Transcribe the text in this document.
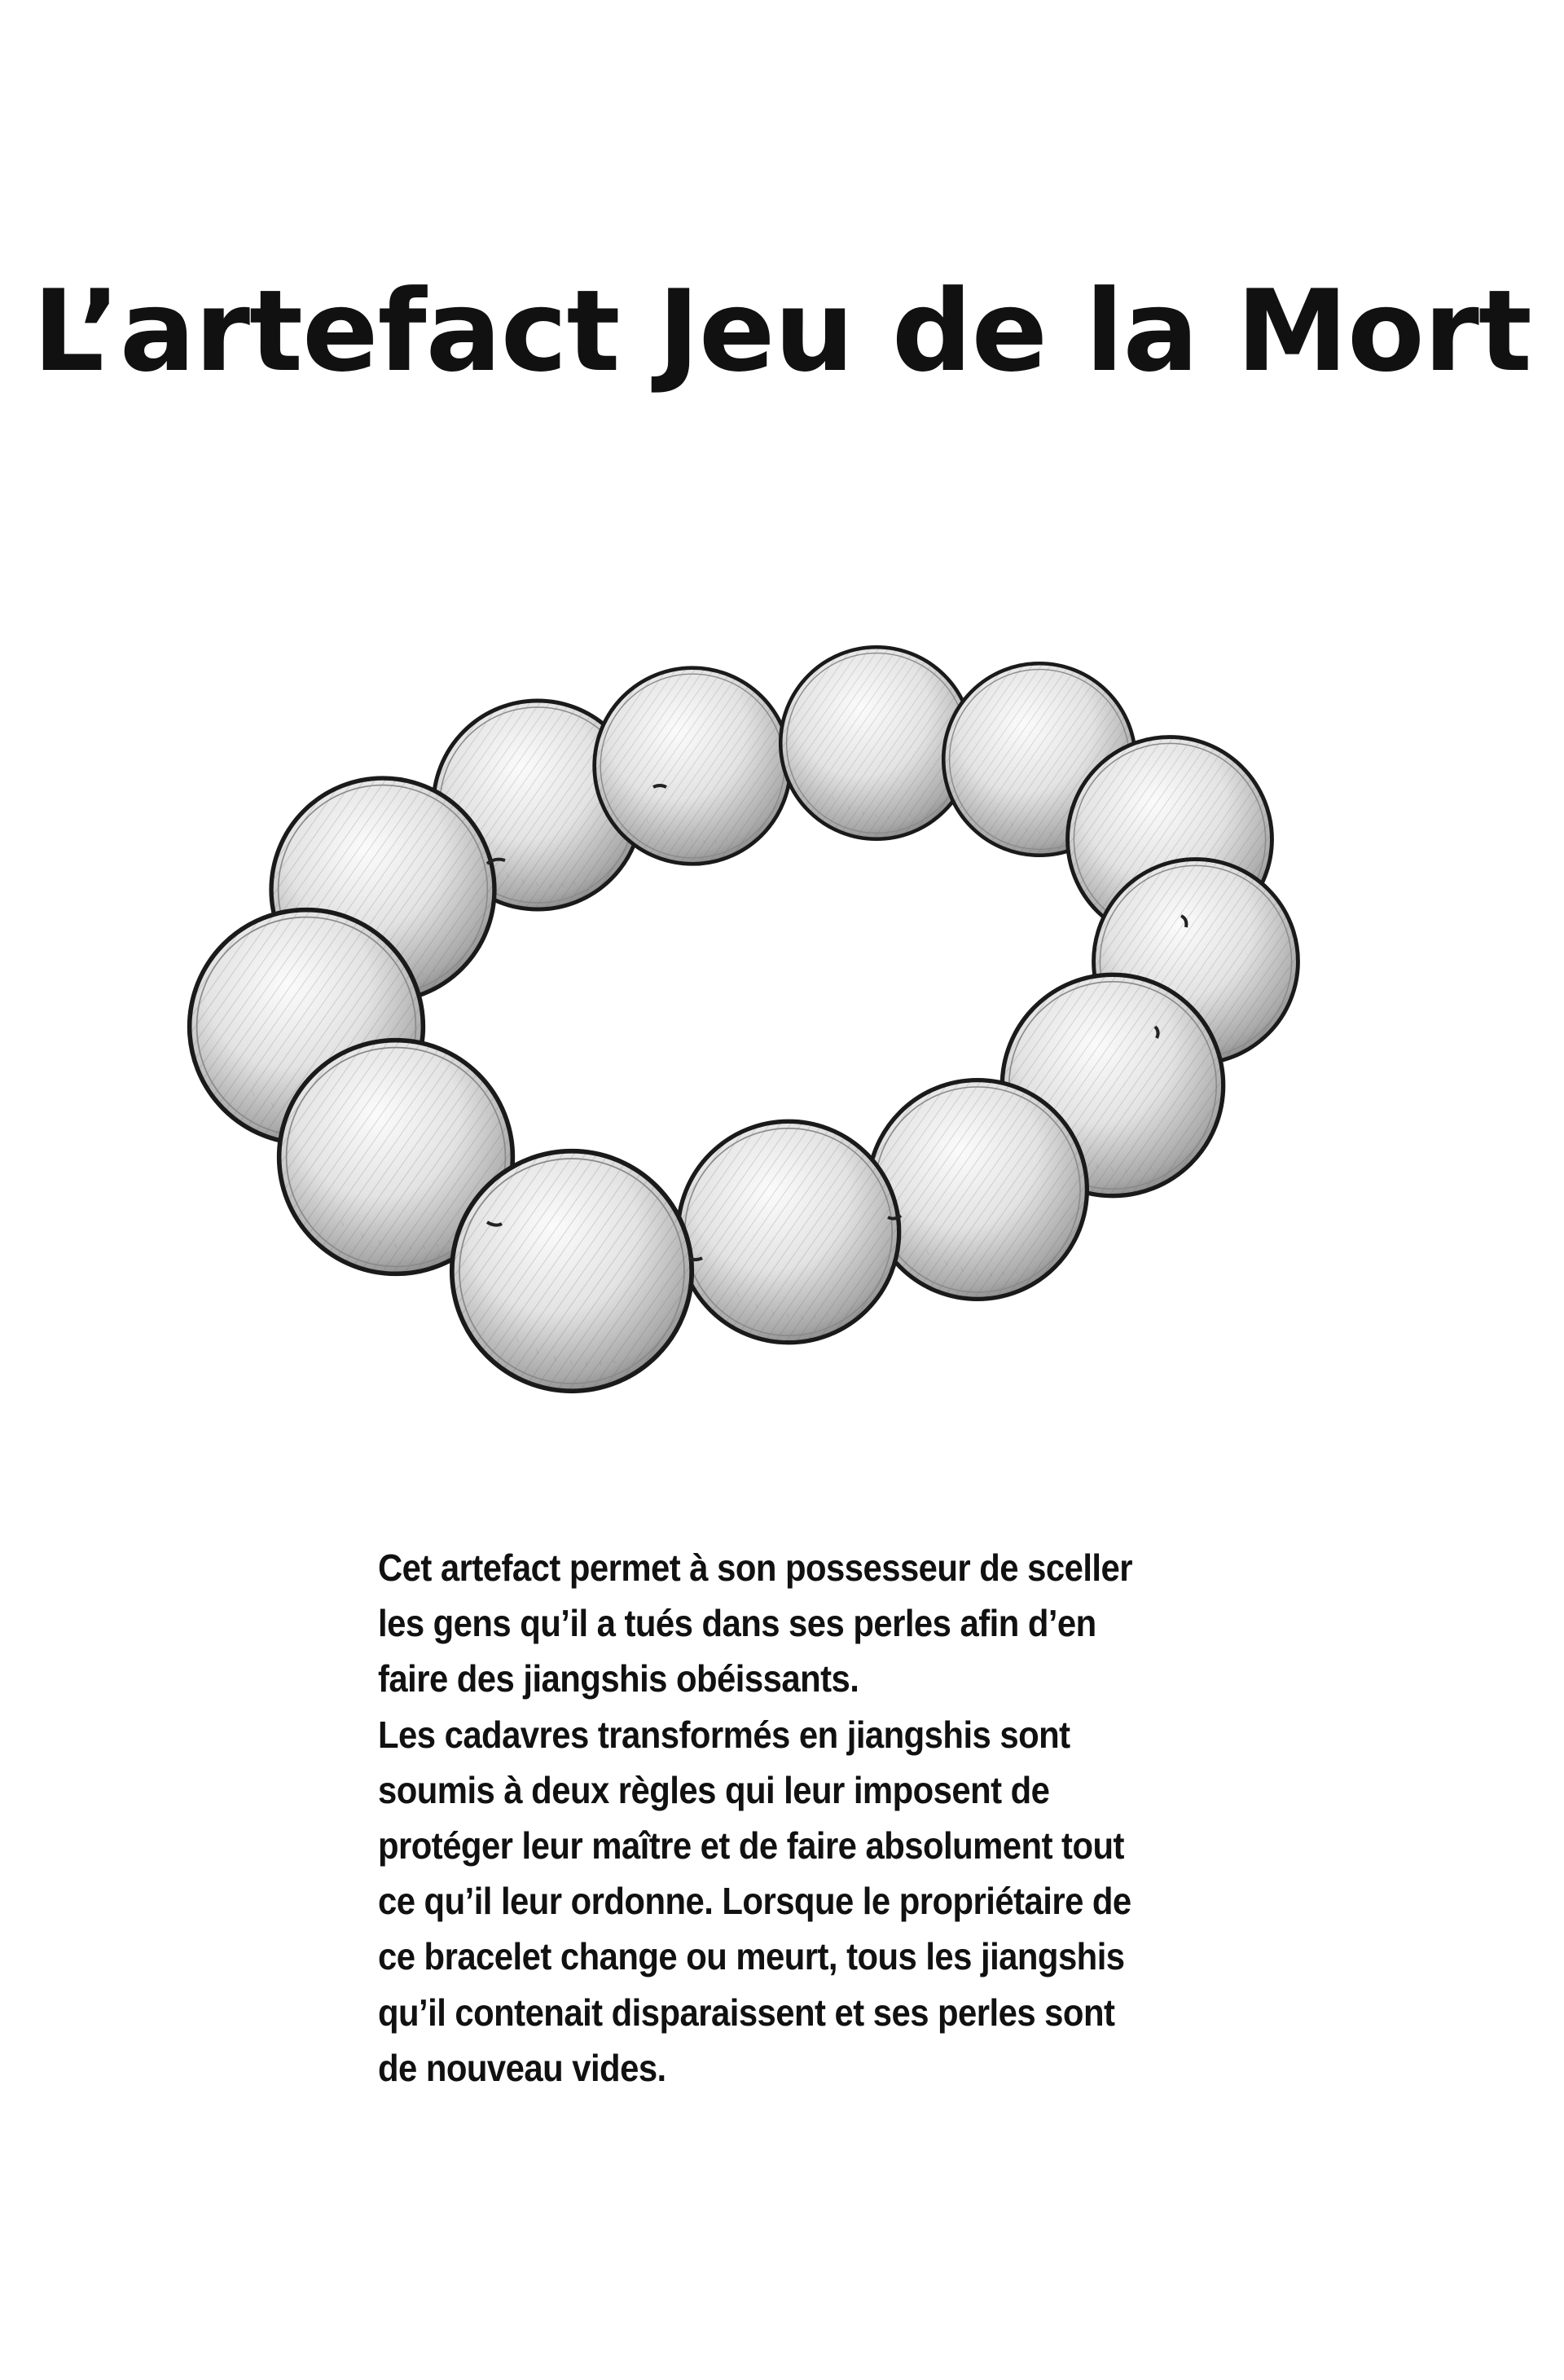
L’artefact Jeu de la Mort
Cet artefact permet à son possesseur de sceller
les gens qu’il a tués dans ses perles afin d’en
faire des jiangshis obéissants.
Les cadavres transformés en jiangshis sont
soumis à deux règles qui leur imposent de
protéger leur maître et de faire absolument tout
ce qu’il leur ordonne. Lorsque le propriétaire de
ce bracelet change ou meurt, tous les jiangshis
qu’il contenait disparaissent et ses perles sont
de nouveau vides.
